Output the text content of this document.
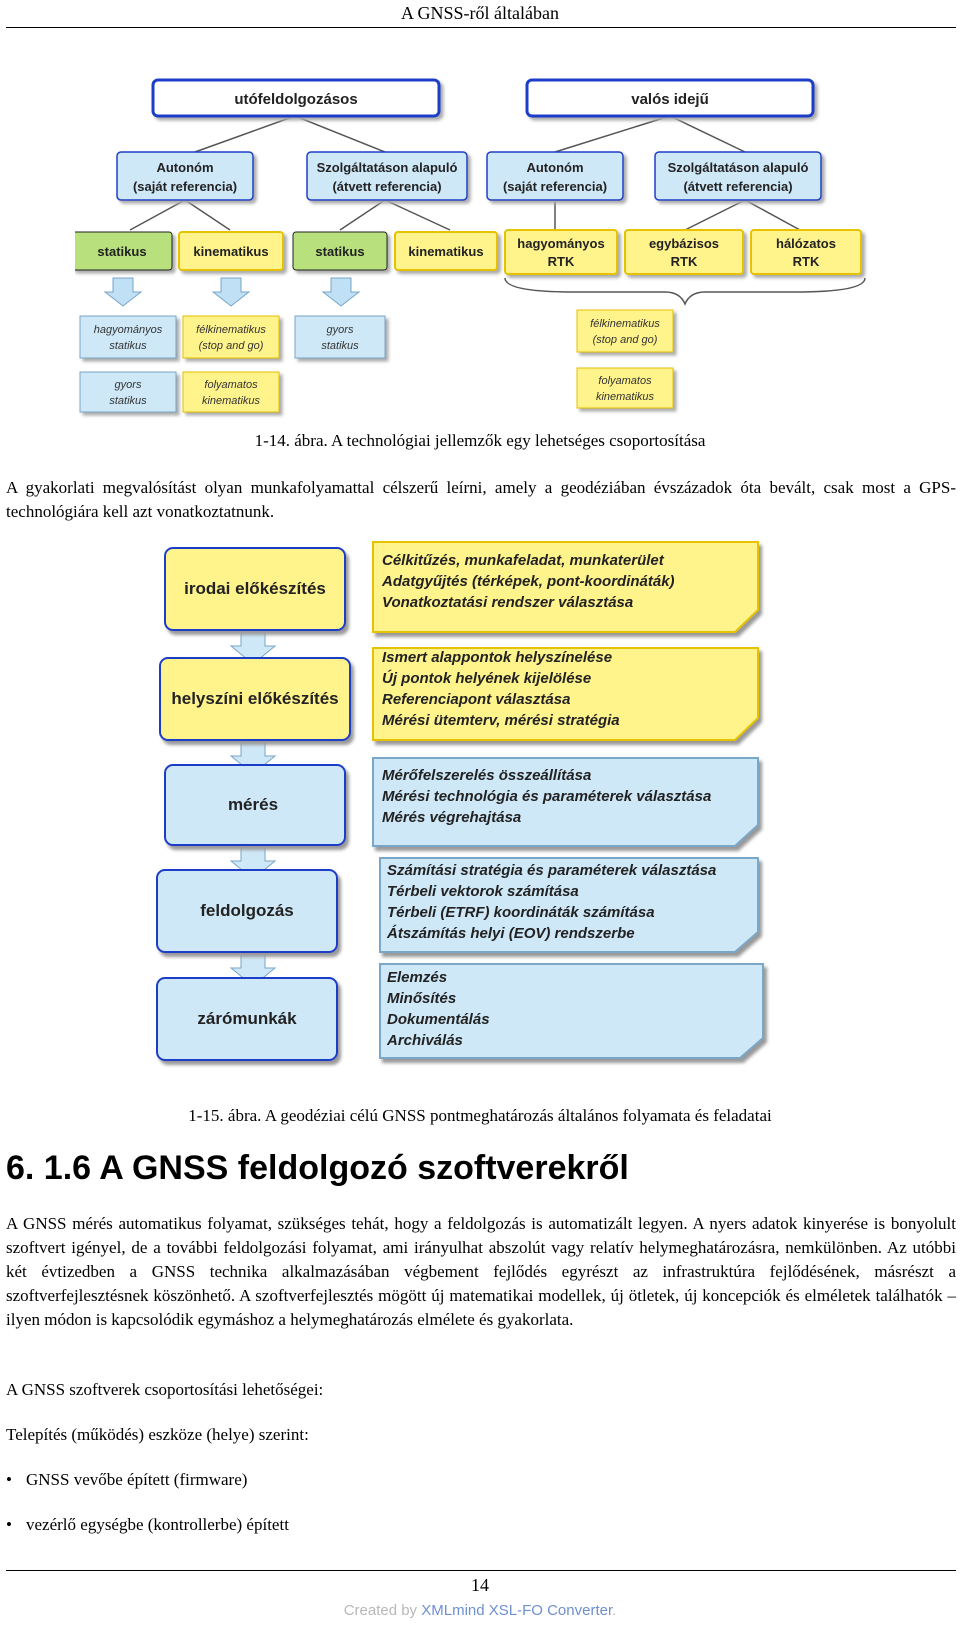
A GNSS-ről általában
utófeldolgozásos	valós idejű
Autonóm
(saját referencia)
Szolgáltatáson alapuló
(átvett referencia)
Autonóm
(saját referencia)
Szolgáltatáson alapuló
(átvett referencia)
statikus	kinematikus	statikus	kinematikus
hagyományos
RTK
egybázisos
RTK
hálózatos
RTK
hagyományos
statikus
gyors
statikus
félkinematikus
(stop and go)
folyamatos
kinematikus
gyors
statikus
félkinematikus
(stop and go)
folyamatos
kinematikus
1-14. ábra. A technológiai jellemzők egy lehetséges csoportosítása
A gyakorlati megvalósítást olyan munkafolyamattal célszerű leírni, amely a geodéziában évszázadok óta bevált, csak most a GPS-technológiára kell azt vonatkoztatnunk.
irodai előkészítés
helyszíni előkészítés
mérés
feldolgozás
zárómunkák
Célkitűzés, munkafeladat, munkaterület
Adatgyűjtés (térképek, pont-koordináták)
Vonatkoztatási rendszer választása
Ismert alappontok helyszínelése
Új pontok helyének kijelölése
Referenciapont választása
Mérési ütemterv, mérési stratégia
Mérőfelszerelés összeállítása
Mérési technológia és paraméterek választása
Mérés végrehajtása
Számítási stratégia és paraméterek választása
Térbeli vektorok számítása
Térbeli (ETRF) koordináták számítása
Átszámítás helyi (EOV) rendszerbe
Elemzés
Minősítés
Dokumentálás
Archiválás
1-15. ábra. A geodéziai célú GNSS pontmeghatározás általános folyamata és feladatai
6. 1.6 A GNSS feldolgozó szoftverekről
A GNSS mérés automatikus folyamat, szükséges tehát, hogy a feldolgozás is automatizált legyen. A nyers adatok kinyerése is bonyolult szoftvert igényel, de a további feldolgozási folyamat, ami irányulhat abszolút vagy relatív helymeghatározásra, nemkülönben. Az utóbbi két évtizedben a GNSS technika alkalmazásában végbement fejlődés egyrészt az infrastruktúra fejlődésének, másrészt a szoftverfejlesztésnek köszönhető. A szoftverfejlesztés mögött új matematikai modellek, új ötletek, új koncepciók és elméletek találhatók – ilyen módon is kapcsolódik egymáshoz a helymeghatározás elmélete és gyakorlata.
A GNSS szoftverek csoportosítási lehetőségei:
Telepítés (működés) eszköze (helye) szerint:
• GNSS vevőbe épített (firmware)
• vezérlő egységbe (kontrollerbe) épített
14
Created by XMLmind XSL-FO Converter.
